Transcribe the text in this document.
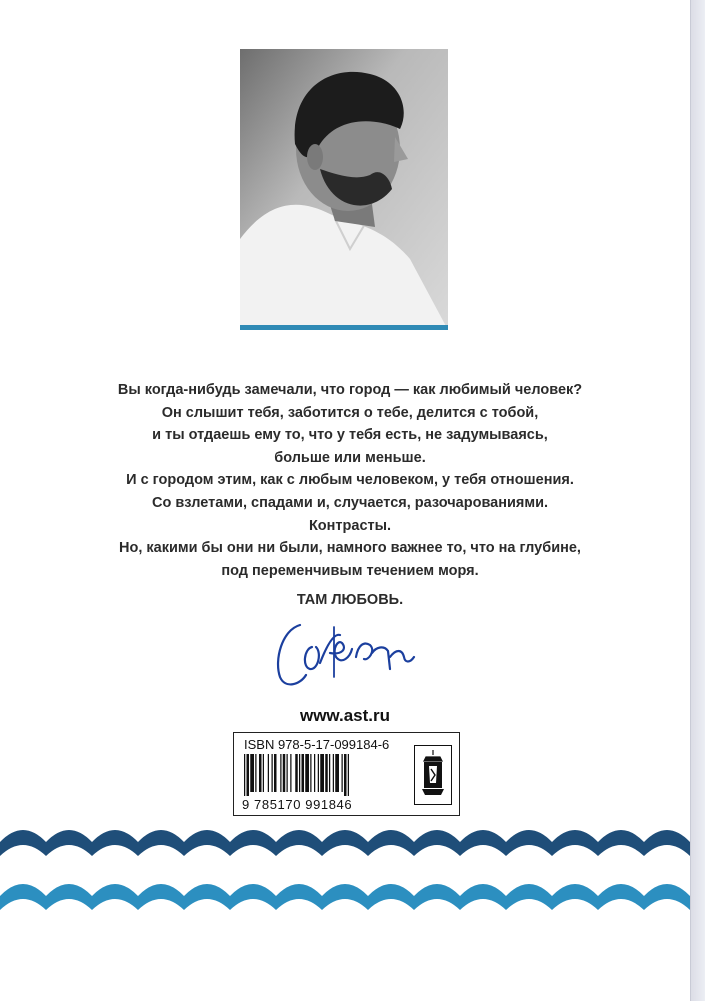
Вы когда-нибудь замечали, что город — как любимый человек?
Он слышит тебя, заботится о тебе, делится с тобой,
и ты отдаешь ему то, что у тебя есть, не задумываясь,
больше или меньше.
И с городом этим, как с любым человеком, у тебя отношения.
Со взлетами, спадами и, случается, разочарованиями.
Контрасты.
Но, какими бы они ни были, намного важнее то, что на глубине,
под переменчивым течением моря.
ТАМ ЛЮБОВЬ.
www.ast.ru
ISBN 978-5-17-099184-6
9 785170 991846
